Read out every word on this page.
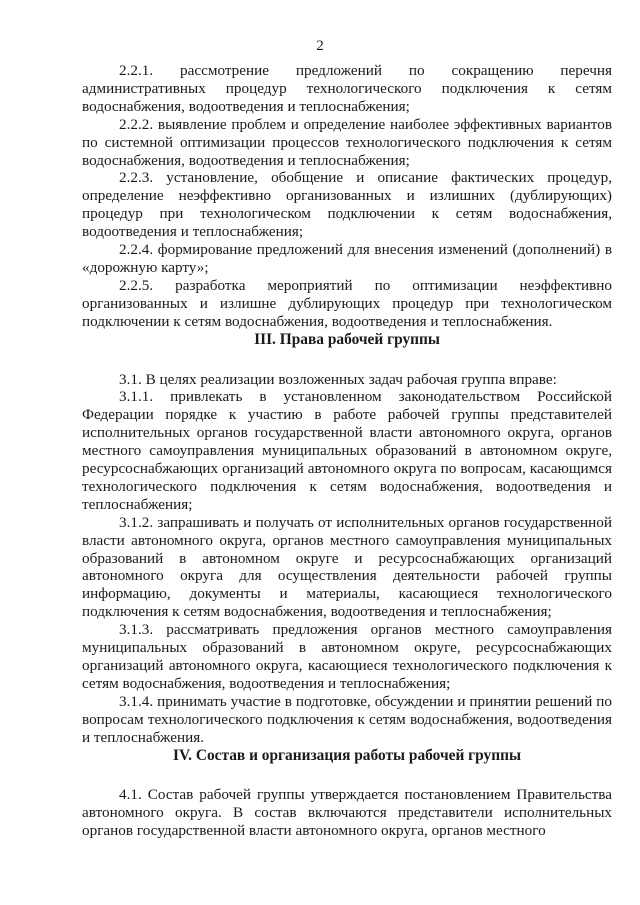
2

2.2.1. рассмотрение предложений по сокращению перечня административных процедур технологического подключения к сетям водоснабжения, водоотведения и теплоснабжения;

2.2.2. выявление проблем и определение наиболее эффективных вариантов по системной оптимизации процессов технологического подключения к сетям водоснабжения, водоотведения и теплоснабжения;

2.2.3. установление, обобщение и описание фактических процедур, определение неэффективно организованных и излишних (дублирующих) процедур при технологическом подключении к сетям водоснабжения, водоотведения и теплоснабжения;

2.2.4. формирование предложений для внесения изменений (дополнений) в «дорожную карту»;

2.2.5. разработка мероприятий по оптимизации неэффективно организованных и излишне дублирующих процедур при технологическом подключении к сетям водоснабжения, водоотведения и теплоснабжения.

III. Права рабочей группы

3.1. В целях реализации возложенных задач рабочая группа вправе:

3.1.1. привлекать в установленном законодательством Российской Федерации порядке к участию в работе рабочей группы представителей исполнительных органов государственной власти автономного округа, органов местного самоуправления муниципальных образований в автономном округе, ресурсоснабжающих организаций автономного округа по вопросам, касающимся технологического подключения к сетям водоснабжения, водоотведения и теплоснабжения;

3.1.2. запрашивать и получать от исполнительных органов государственной власти автономного округа, органов местного самоуправления муниципальных образований в автономном округе и ресурсоснабжающих организаций автономного округа для осуществления деятельности рабочей группы информацию, документы и материалы, касающиеся технологического подключения к сетям водоснабжения, водоотведения и теплоснабжения;

3.1.3. рассматривать предложения органов местного самоуправления муниципальных образований в автономном округе, ресурсоснабжающих организаций автономного округа, касающиеся технологического подключения к сетям водоснабжения, водоотведения и теплоснабжения;

3.1.4. принимать участие в подготовке, обсуждении и принятии решений по вопросам технологического подключения к сетям водоснабжения, водоотведения и теплоснабжения.

IV. Состав и организация работы рабочей группы

4.1. Состав рабочей группы утверждается постановлением Правительства автономного округа. В состав включаются представители исполнительных органов государственной власти автономного округа, органов местного
